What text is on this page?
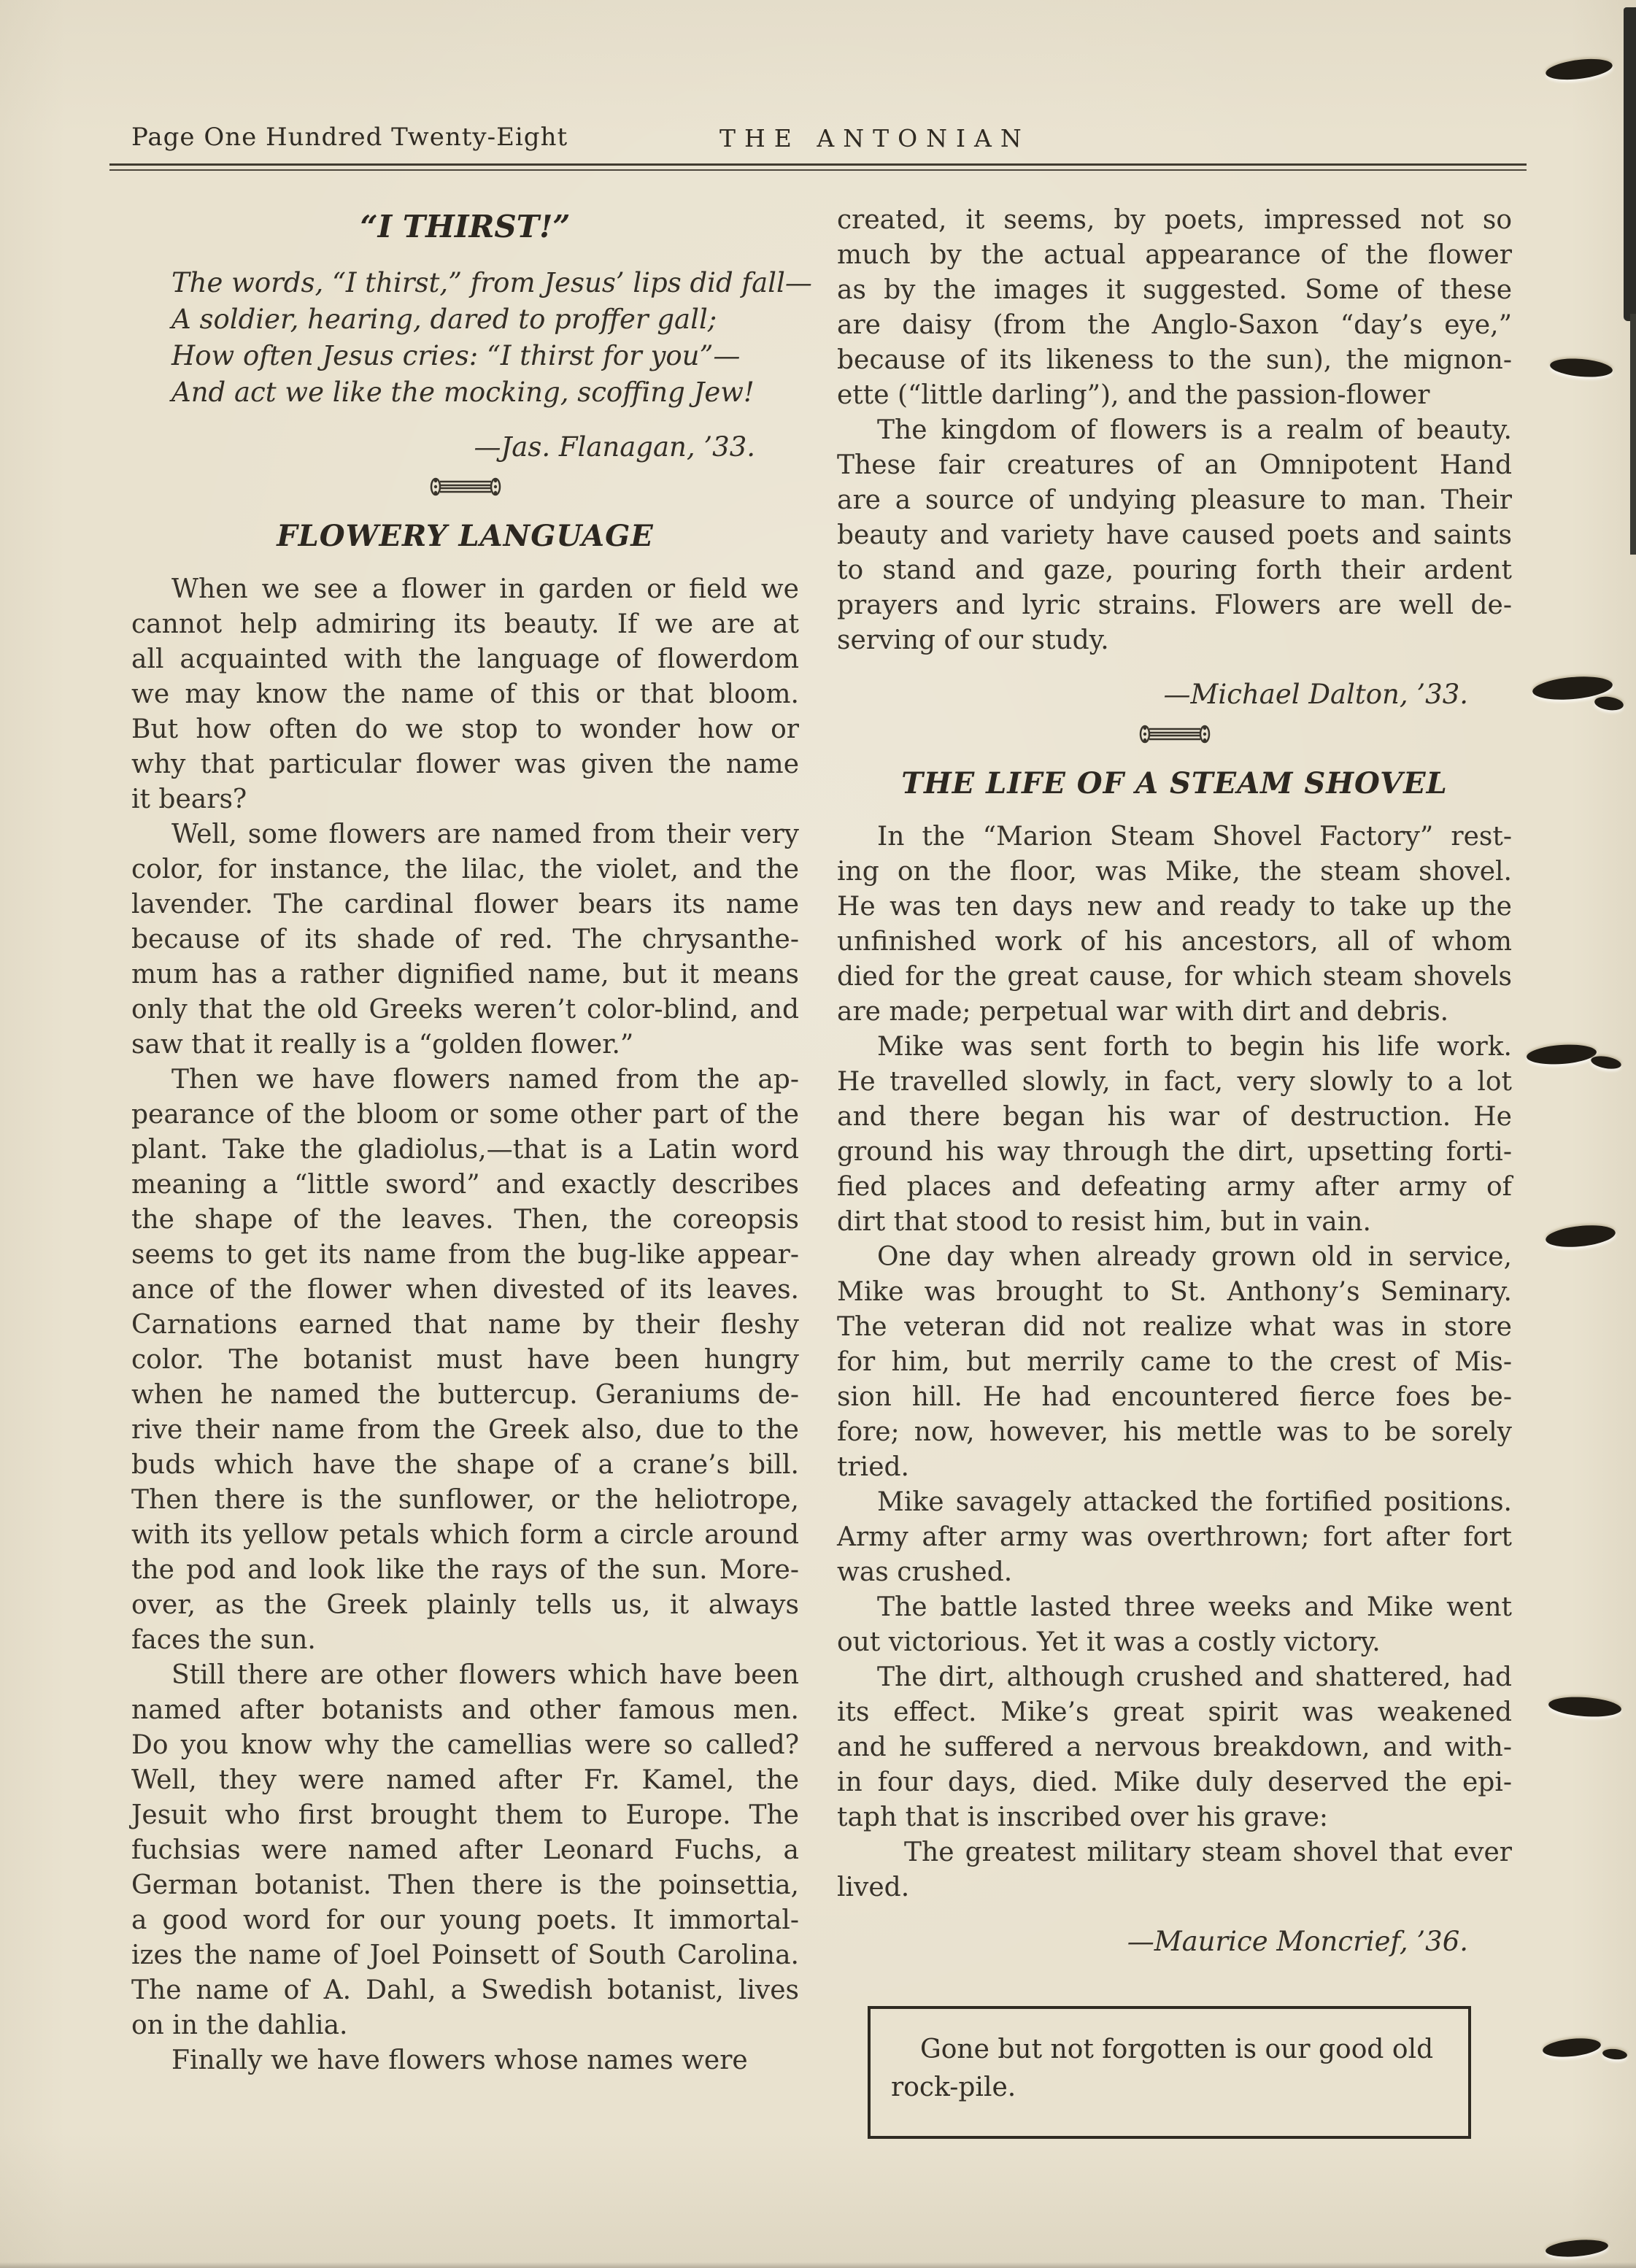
Page One Hundred Twenty-Eight	THE ANTONIAN
“I THIRST!”
The words, “I thirst,” from Jesus’ lips did fall—
A soldier, hearing, dared to proffer gall;
How often Jesus cries: “I thirst for you”—
And act we like the mocking, scoffing Jew!
—Jas. Flanagan, ’33.
FLOWERY LANGUAGE
When we see a flower in garden or field we
cannot help admiring its beauty. If we are at
all acquainted with the language of flowerdom
we may know the name of this or that bloom.
But how often do we stop to wonder how or
why that particular flower was given the name
it bears?
Well, some flowers are named from their very
color, for instance, the lilac, the violet, and the
lavender. The cardinal flower bears its name
because of its shade of red. The chrysanthe-
mum has a rather dignified name, but it means
only that the old Greeks weren’t color-blind, and
saw that it really is a “golden flower.”
Then we have flowers named from the ap-
pearance of the bloom or some other part of the
plant. Take the gladiolus,—that is a Latin word
meaning a “little sword” and exactly describes
the shape of the leaves. Then, the coreopsis
seems to get its name from the bug-like appear-
ance of the flower when divested of its leaves.
Carnations earned that name by their fleshy
color. The botanist must have been hungry
when he named the buttercup. Geraniums de-
rive their name from the Greek also, due to the
buds which have the shape of a crane’s bill.
Then there is the sunflower, or the heliotrope,
with its yellow petals which form a circle around
the pod and look like the rays of the sun. More-
over, as the Greek plainly tells us, it always
faces the sun.
Still there are other flowers which have been
named after botanists and other famous men.
Do you know why the camellias were so called?
Well, they were named after Fr. Kamel, the
Jesuit who first brought them to Europe. The
fuchsias were named after Leonard Fuchs, a
German botanist. Then there is the poinsettia,
a good word for our young poets. It immortal-
izes the name of Joel Poinsett of South Carolina.
The name of A. Dahl, a Swedish botanist, lives
on in the dahlia.
Finally we have flowers whose names were
created, it seems, by poets, impressed not so
much by the actual appearance of the flower
as by the images it suggested. Some of these
are daisy (from the Anglo-Saxon “day’s eye,”
because of its likeness to the sun), the mignon-
ette (“little darling”), and the passion-flower
The kingdom of flowers is a realm of beauty.
These fair creatures of an Omnipotent Hand
are a source of undying pleasure to man. Their
beauty and variety have caused poets and saints
to stand and gaze, pouring forth their ardent
prayers and lyric strains. Flowers are well de-
serving of our study.
—Michael Dalton, ’33.
THE LIFE OF A STEAM SHOVEL
In the “Marion Steam Shovel Factory” rest-
ing on the floor, was Mike, the steam shovel.
He was ten days new and ready to take up the
unfinished work of his ancestors, all of whom
died for the great cause, for which steam shovels
are made; perpetual war with dirt and debris.
Mike was sent forth to begin his life work.
He travelled slowly, in fact, very slowly to a lot
and there began his war of destruction. He
ground his way through the dirt, upsetting forti-
fied places and defeating army after army of
dirt that stood to resist him, but in vain.
One day when already grown old in service,
Mike was brought to St. Anthony’s Seminary.
The veteran did not realize what was in store
for him, but merrily came to the crest of Mis-
sion hill. He had encountered fierce foes be-
fore; now, however, his mettle was to be sorely
tried.
Mike savagely attacked the fortified positions.
Army after army was overthrown; fort after fort
was crushed.
The battle lasted three weeks and Mike went
out victorious. Yet it was a costly victory.
The dirt, although crushed and shattered, had
its effect. Mike’s great spirit was weakened
and he suffered a nervous breakdown, and with-
in four days, died. Mike duly deserved the epi-
taph that is inscribed over his grave:
The greatest military steam shovel that ever
lived.
—Maurice Moncrief, ’36.
Gone but not forgotten is our good old
rock-pile.
